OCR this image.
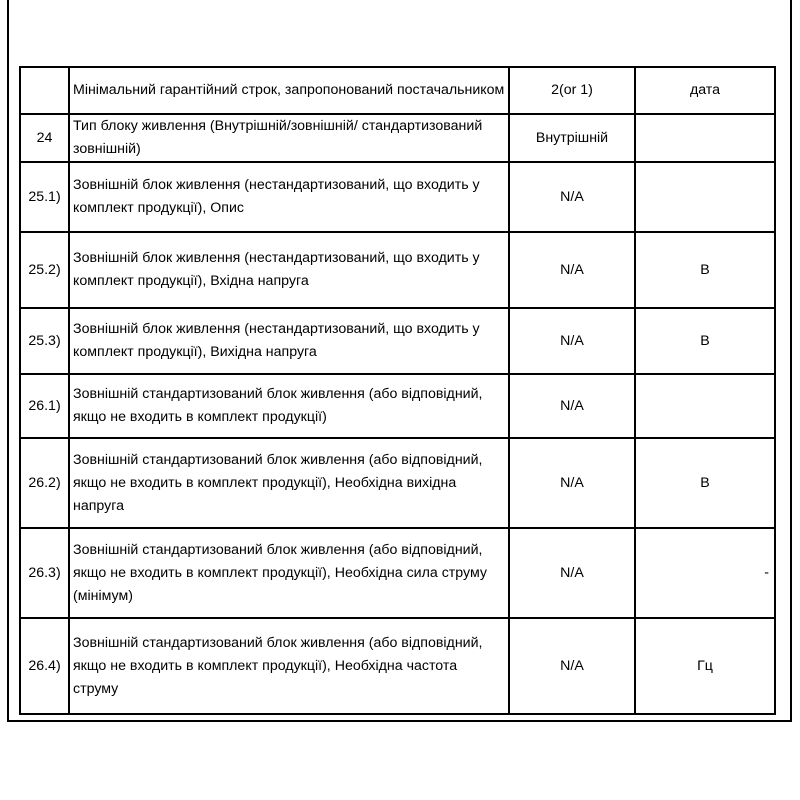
	Мінімальний гарантійний строк, запропонований постачальником	2(or 1)	дата
24	Тип блоку живлення (Внутрішній/зовнішній/ стандартизований зовнішній)	Внутрішній	
25.1)	Зовнішній блок живлення (нестандартизований, що входить у комплект продукції), Опис	N/A	
25.2)	Зовнішній блок живлення (нестандартизований, що входить у комплект продукції), Вхідна напруга	N/A	В
25.3)	Зовнішній блок живлення (нестандартизований, що входить у комплект продукції), Вихідна напруга	N/A	В
26.1)	Зовнішній стандартизований блок живлення (або відповідний, якщо не входить в комплект продукції)	N/A	
26.2)	Зовнішній стандартизований блок живлення (або відповідний, якщо не входить в комплект продукції), Необхідна вихідна напруга	N/A	В
26.3)	Зовнішній стандартизований блок живлення (або відповідний, якщо не входить в комплект продукції), Необхідна сила струму (мінімум)	N/A	-

26.4)	Зовнішній стандартизований блок живлення (або відповідний, якщо не входить в комплект продукції), Необхідна частота струму	N/A	Гц
